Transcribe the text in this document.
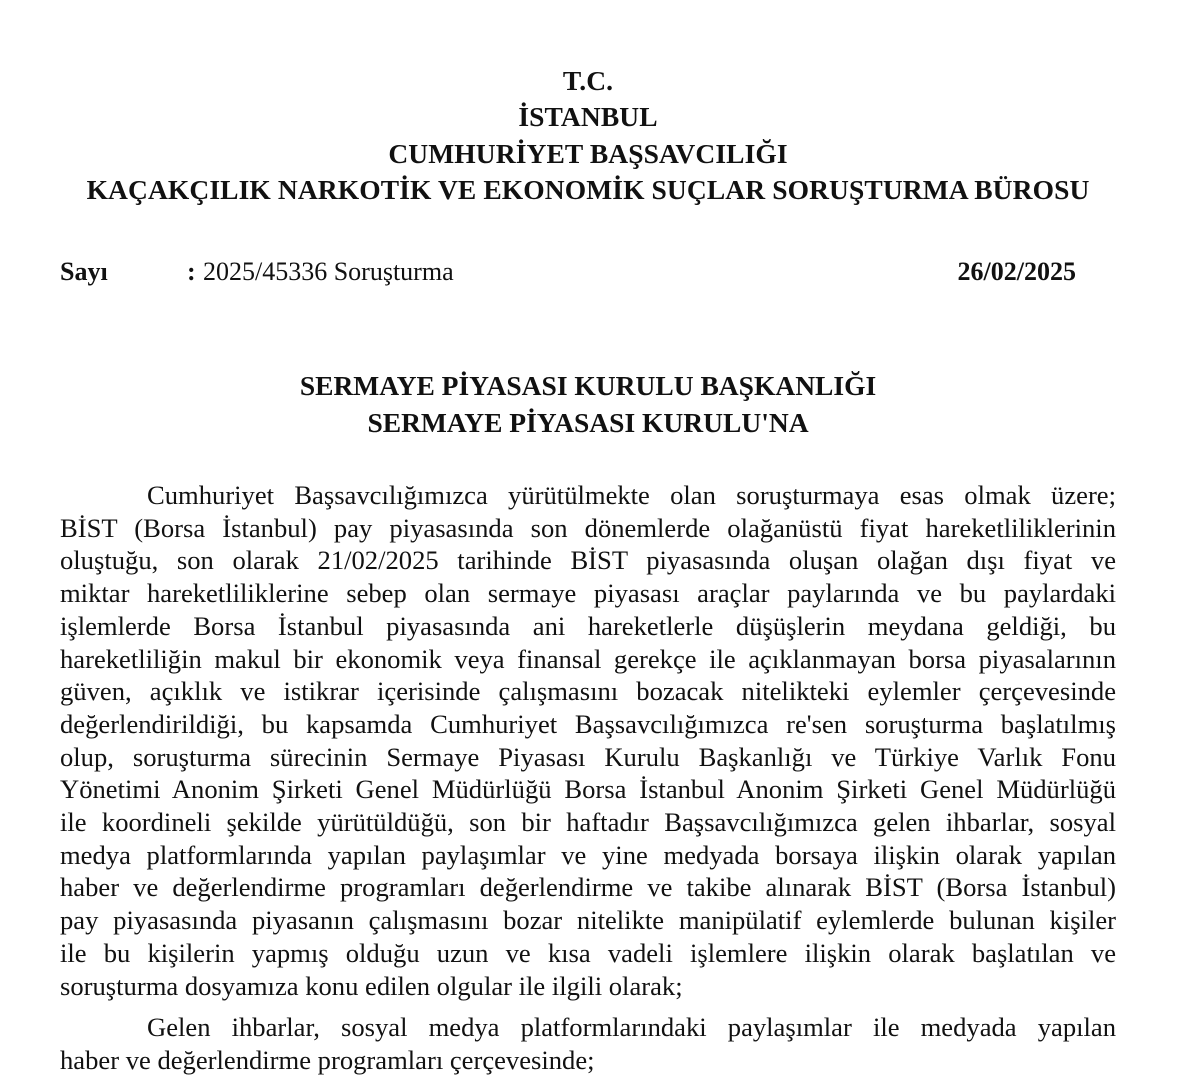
T.C.
İSTANBUL
CUMHURİYET BAŞSAVCILIĞI
KAÇAKÇILIK NARKOTİK VE EKONOMİK SUÇLAR SORUŞTURMA BÜROSU
Sayı	: 2025/45336 Soruşturma	26/02/2025
SERMAYE PİYASASI KURULU BAŞKANLIĞI
SERMAYE PİYASASI KURULU'NA
Cumhuriyet Başsavcılığımızca yürütülmekte olan soruşturmaya esas olmak üzere;
BİST (Borsa İstanbul) pay piyasasında son dönemlerde olağanüstü fiyat hareketliliklerinin
oluştuğu, son olarak 21/02/2025 tarihinde BİST piyasasında oluşan olağan dışı fiyat ve
miktar hareketliliklerine sebep olan sermaye piyasası araçlar paylarında ve bu paylardaki
işlemlerde Borsa İstanbul piyasasında ani hareketlerle düşüşlerin meydana geldiği, bu
hareketliliğin makul bir ekonomik veya finansal gerekçe ile açıklanmayan borsa piyasalarının
güven, açıklık ve istikrar içerisinde çalışmasını bozacak nitelikteki eylemler çerçevesinde
değerlendirildiği, bu kapsamda Cumhuriyet Başsavcılığımızca re'sen soruşturma başlatılmış
olup, soruşturma sürecinin Sermaye Piyasası Kurulu Başkanlığı ve Türkiye Varlık Fonu
Yönetimi Anonim Şirketi Genel Müdürlüğü Borsa İstanbul Anonim Şirketi Genel Müdürlüğü
ile koordineli şekilde yürütüldüğü, son bir haftadır Başsavcılığımızca gelen ihbarlar, sosyal
medya platformlarında yapılan paylaşımlar ve yine medyada borsaya ilişkin olarak yapılan
haber ve değerlendirme programları değerlendirme ve takibe alınarak BİST (Borsa İstanbul)
pay piyasasında piyasanın çalışmasını bozar nitelikte manipülatif eylemlerde bulunan kişiler
ile bu kişilerin yapmış olduğu uzun ve kısa vadeli işlemlere ilişkin olarak başlatılan ve
soruşturma dosyamıza konu edilen olgular ile ilgili olarak;
Gelen ihbarlar, sosyal medya platformlarındaki paylaşımlar ile medyada yapılan
haber ve değerlendirme programları çerçevesinde;
